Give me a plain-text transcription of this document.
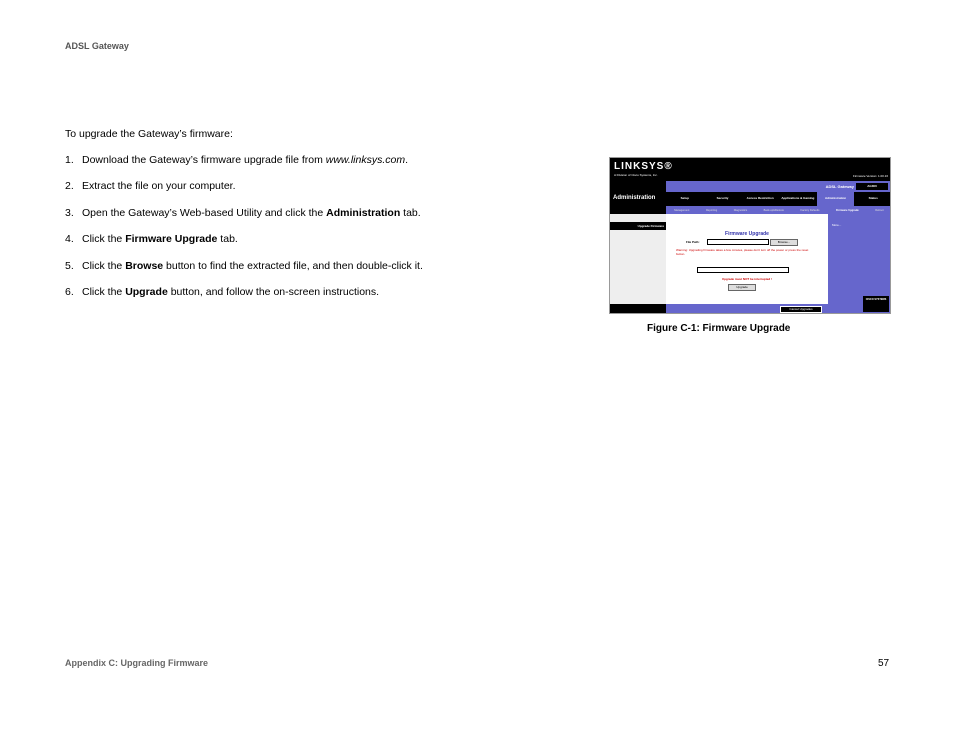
ADSL Gateway

To upgrade the Gateway’s firmware:

1. Download the Gateway’s firmware upgrade file from www.linksys.com.
2. Extract the file on your computer.
3. Open the Gateway’s Web-based Utility and click the Administration tab.
4. Click the Firmware Upgrade tab.
5. Click the Browse button to find the extracted file, and then double-click it.
6. Click the Upgrade button, and follow the on-screen instructions.
LINKSYS®
A Division of Cisco Systems, Inc.	Firmware Version: 1.00.16
Administration
ADSL Gateway	AG300
Setup	Security	Access Restriction	Applications & Gaming	Administration	Status
Management	Reporting	Diagnostics	Back-up&Restore	Factory Defaults	Firmware Upgrade	Reboot
Upgrade Firmware
Firmware Upgrade
File Path:	Browse...
Warning: Upgrading firmware takes a few minutes, please don't turn off the power or press the reset button.
Upgrade must NOT be interrupted !
Upgrade
Cancel Upgrades
More...
CISCO SYSTEMS
Figure C-1: Firmware Upgrade
Appendix C: Upgrading Firmware	57
